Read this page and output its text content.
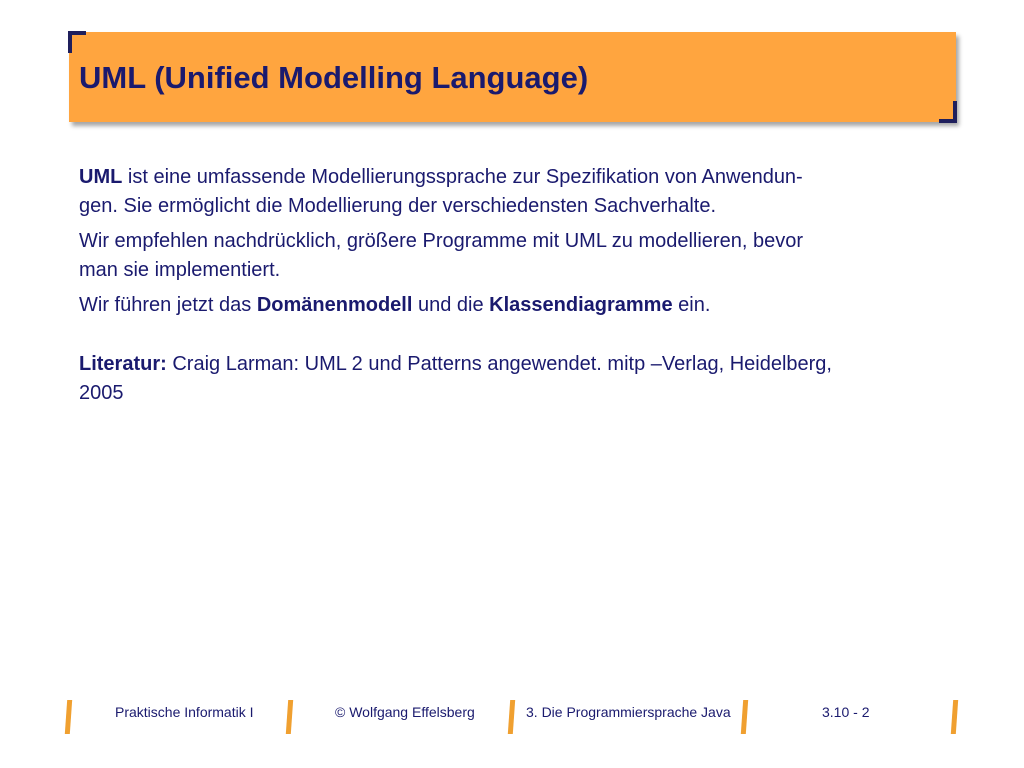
UML (Unified Modelling Language)

UML ist eine umfassende Modellierungssprache zur Spezifikation von Anwendun-
gen. Sie ermöglicht die Modellierung der verschiedensten Sachverhalte.

Wir empfehlen nachdrücklich, größere Programme mit UML zu modellieren, bevor
man sie implementiert.

Wir führen jetzt das Domänenmodell und die Klassendiagramme ein.

Literatur: Craig Larman: UML 2 und Patterns angewendet. mitp –Verlag, Heidelberg,
2005

Praktische Informatik I	© Wolfgang Effelsberg	3. Die Programmiersprache Java	3.10 - 2
